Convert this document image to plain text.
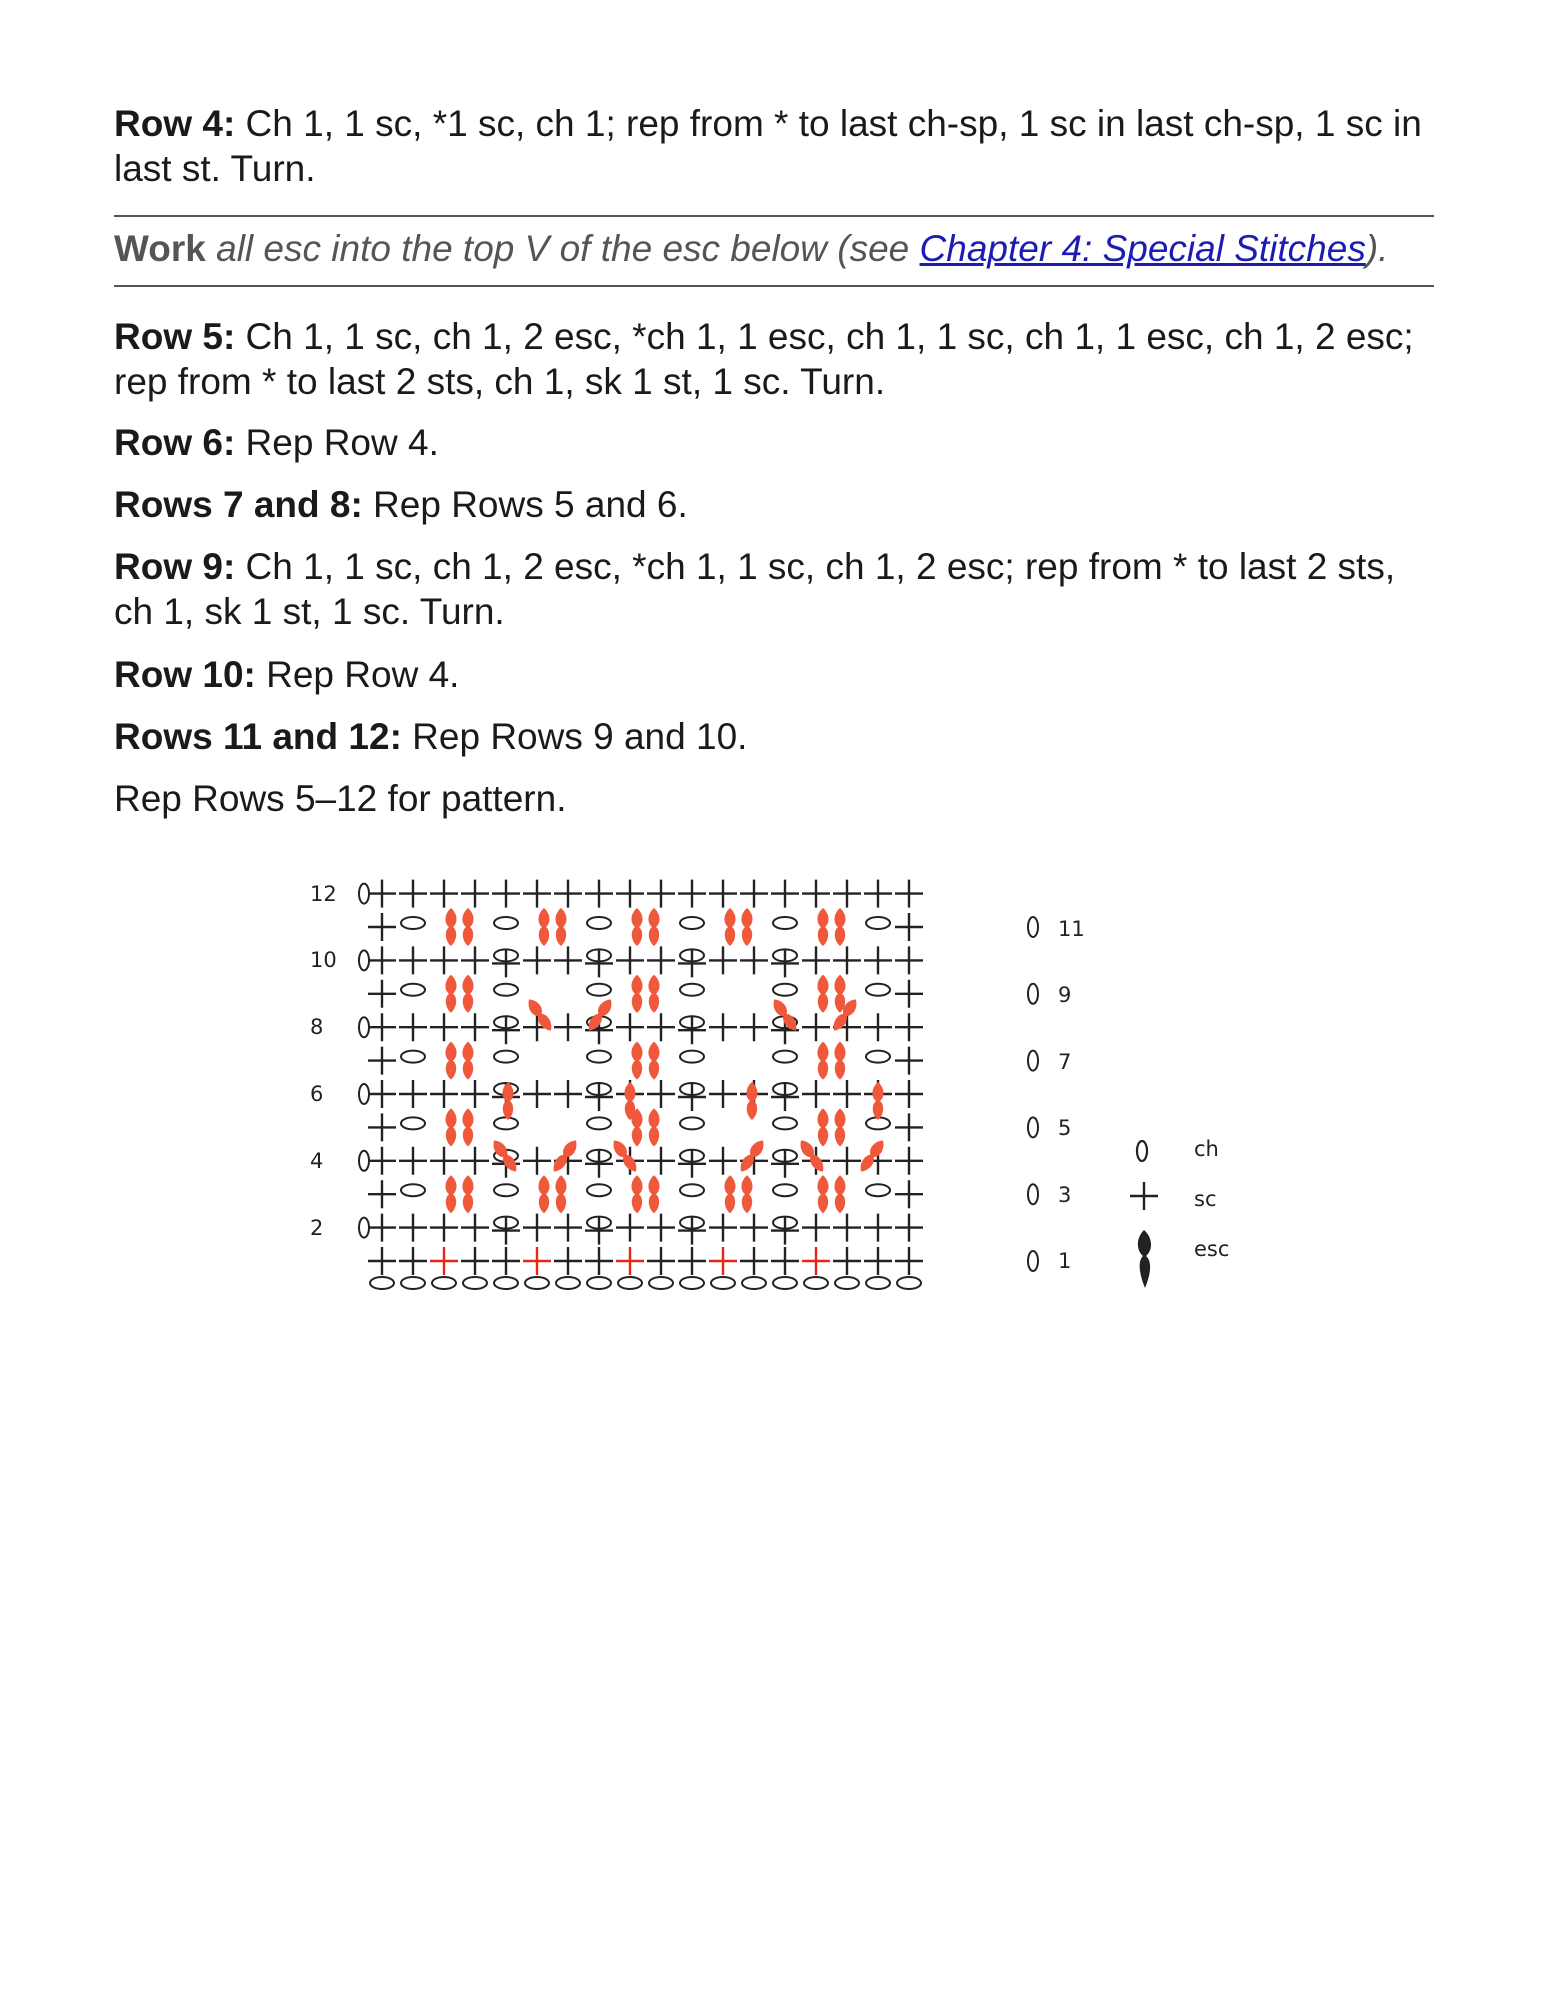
Row 4: Ch 1, 1 sc, *1 sc, ch 1; rep from * to last ch-sp, 1 sc in last ch-sp, 1 sc in last st. Turn.

Work all esc into the top V of the esc below (see Chapter 4: Special Stitches).

Row 5: Ch 1, 1 sc, ch 1, 2 esc, *ch 1, 1 esc, ch 1, 1 sc, ch 1, 1 esc, ch 1, 2 esc; rep from * to last 2 sts, ch 1, sk 1 st, 1 sc. Turn.

Row 6: Rep Row 4.

Rows 7 and 8: Rep Rows 5 and 6.

Row 9: Ch 1, 1 sc, ch 1, 2 esc, *ch 1, 1 sc, ch 1, 2 esc; rep from * to last 2 sts, ch 1, sk 1 st, 1 sc. Turn.

Row 10: Rep Row 4.

Rows 11 and 12: Rep Rows 9 and 10.

Rep Rows 5–12 for pattern.

12
10
8
6
4
2
11
9
7
5
3
1
ch
sc
esc
